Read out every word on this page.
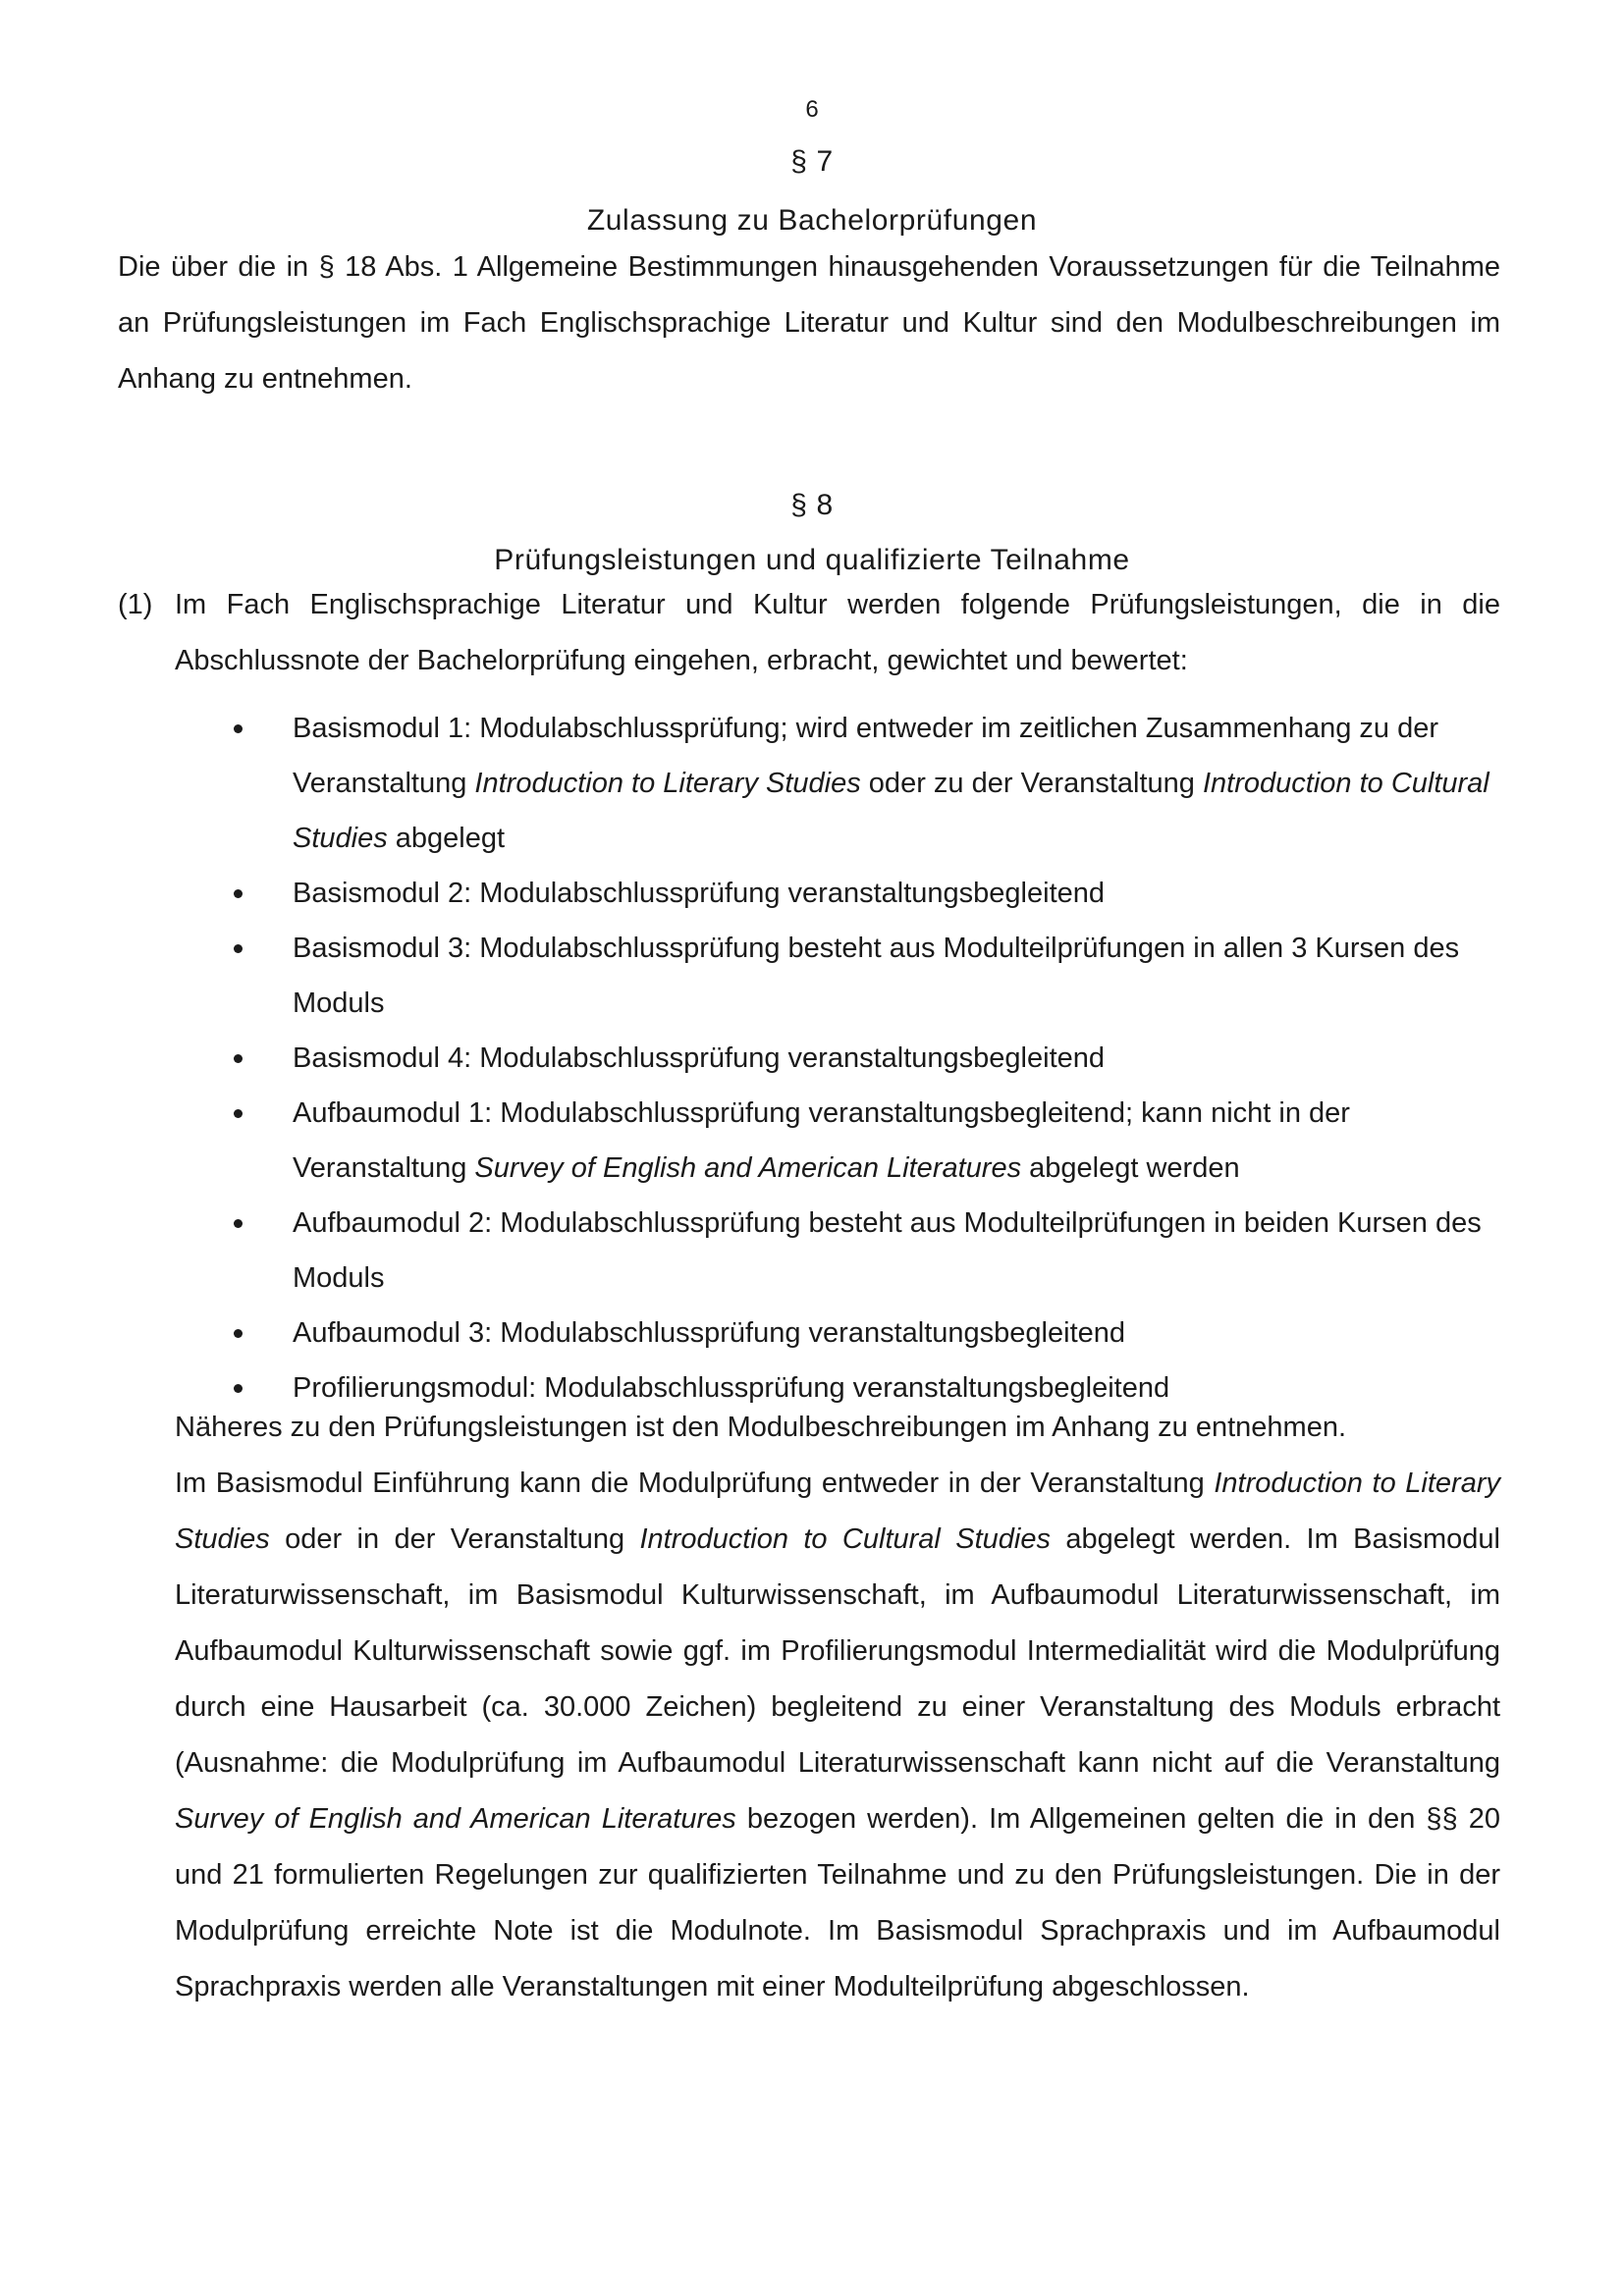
6
§ 7
Zulassung zu Bachelorprüfungen

Die über die in § 18 Abs. 1 Allgemeine Bestimmungen hinausgehenden Voraussetzungen für die Teilnahme an Prüfungsleistungen im Fach Englischsprachige Literatur und Kultur sind den Modulbeschreibungen im Anhang zu entnehmen.

§ 8
Prüfungsleistungen und qualifizierte Teilnahme
(1) Im Fach Englischsprachige Literatur und Kultur werden folgende Prüfungsleistungen, die in die Abschlussnote der Bachelorprüfung eingehen, erbracht, gewichtet und bewertet:

Basismodul 1: Modulabschlussprüfung; wird entweder im zeitlichen Zusammenhang zu der Veranstaltung Introduction to Literary Studies oder zu der Veranstaltung Introduction to Cultural Studies abgelegt
Basismodul 2: Modulabschlussprüfung veranstaltungsbegleitend
Basismodul 3: Modulabschlussprüfung besteht aus Modulteilprüfungen in allen 3 Kursen des Moduls
Basismodul 4: Modulabschlussprüfung veranstaltungsbegleitend
Aufbaumodul 1: Modulabschlussprüfung veranstaltungsbegleitend; kann nicht in der Veranstaltung Survey of English and American Literatures abgelegt werden
Aufbaumodul 2: Modulabschlussprüfung besteht aus Modulteilprüfungen in beiden Kursen des Moduls
Aufbaumodul 3: Modulabschlussprüfung veranstaltungsbegleitend
Profilierungsmodul: Modulabschlussprüfung veranstaltungsbegleitend

Näheres zu den Prüfungsleistungen ist den Modulbeschreibungen im Anhang zu entnehmen.

Im Basismodul Einführung kann die Modulprüfung entweder in der Veranstaltung Introduction to Literary Studies oder in der Veranstaltung Introduction to Cultural Studies abgelegt werden. Im Basismodul Literaturwissenschaft, im Basismodul Kulturwissenschaft, im Aufbaumodul Literaturwissenschaft, im Aufbaumodul Kulturwissenschaft sowie ggf. im Profilierungsmodul Intermedialität wird die Modulprüfung durch eine Hausarbeit (ca. 30.000 Zeichen) begleitend zu einer Veranstaltung des Moduls erbracht (Ausnahme: die Modulprüfung im Aufbaumodul Literaturwissenschaft kann nicht auf die Veranstaltung Survey of English and American Literatures bezogen werden). Im Allgemeinen gelten die in den §§ 20 und 21 formulierten Regelungen zur qualifizierten Teilnahme und zu den Prüfungsleistungen. Die in der Modulprüfung erreichte Note ist die Modulnote. Im Basismodul Sprachpraxis und im Aufbaumodul Sprachpraxis werden alle Veranstaltungen mit einer Modulteilprüfung abgeschlossen.
